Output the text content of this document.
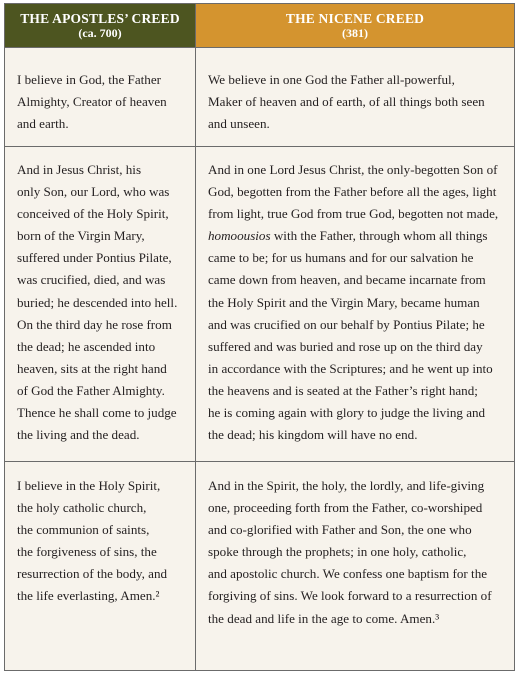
THE APOSTLES’ CREED
(ca. 700)
THE NICENE CREED
(381)
I believe in God, the Father
Almighty, Creator of heaven
and earth.
We believe in one God the Father all-powerful,
Maker of heaven and of earth, of all things both seen
and unseen.
And in Jesus Christ, his
only Son, our Lord, who was
conceived of the Holy Spirit,
born of the Virgin Mary,
suffered under Pontius Pilate,
was crucified, died, and was
buried; he descended into hell.
On the third day he rose from
the dead; he ascended into
heaven, sits at the right hand
of God the Father Almighty.
Thence he shall come to judge
the living and the dead.
And in one Lord Jesus Christ, the only-begotten Son of
God, begotten from the Father before all the ages, light
from light, true God from true God, begotten not made,
homoousios with the Father, through whom all things
came to be; for us humans and for our salvation he
came down from heaven, and became incarnate from
the Holy Spirit and the Virgin Mary, became human
and was crucified on our behalf by Pontius Pilate; he
suffered and was buried and rose up on the third day
in accordance with the Scriptures; and he went up into
the heavens and is seated at the Father’s right hand;
he is coming again with glory to judge the living and
the dead; his kingdom will have no end.
I believe in the Holy Spirit,
the holy catholic church,
the communion of saints,
the forgiveness of sins, the
resurrection of the body, and
the life everlasting, Amen.²
And in the Spirit, the holy, the lordly, and life-giving
one, proceeding forth from the Father, co-worshiped
and co-glorified with Father and Son, the one who
spoke through the prophets; in one holy, catholic,
and apostolic church. We confess one baptism for the
forgiving of sins. We look forward to a resurrection of
the dead and life in the age to come. Amen.³
